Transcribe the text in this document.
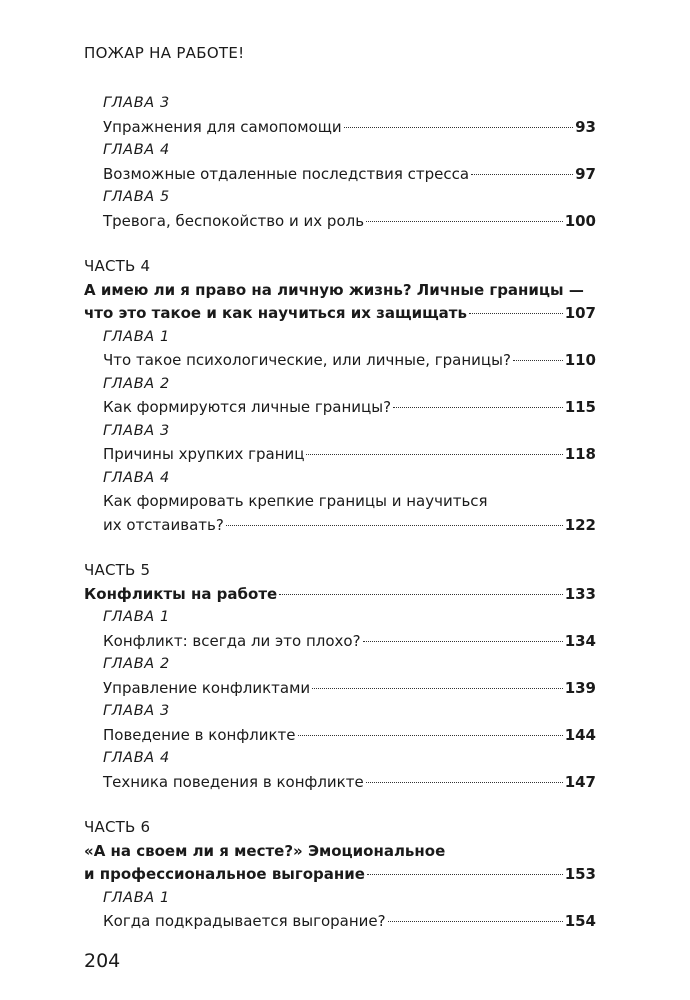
ПОЖАР НА РАБОТЕ!
ГЛАВА 3
Упражнения для самопомощи	93
ГЛАВА 4
Возможные отдаленные последствия стресса	97
ГЛАВА 5
Тревога, беспокойство и их роль	100
ЧАСТЬ 4
А имею ли я право на личную жизнь? Личные границы —
что это такое и как научиться их защищать	107
ГЛАВА 1
Что такое психологические, или личные, границы?	110
ГЛАВА 2
Как формируются личные границы?	115
ГЛАВА 3
Причины хрупких границ	118
ГЛАВА 4
Как формировать крепкие границы и научиться
их отстаивать?	122
ЧАСТЬ 5
Конфликты на работе	133
ГЛАВА 1
Конфликт: всегда ли это плохо?	134
ГЛАВА 2
Управление конфликтами	139
ГЛАВА 3
Поведение в конфликте	144
ГЛАВА 4
Техника поведения в конфликте	147
ЧАСТЬ 6
«А на своем ли я месте?» Эмоциональное
и профессиональное выгорание	153
ГЛАВА 1
Когда подкрадывается выгорание?	154
204
